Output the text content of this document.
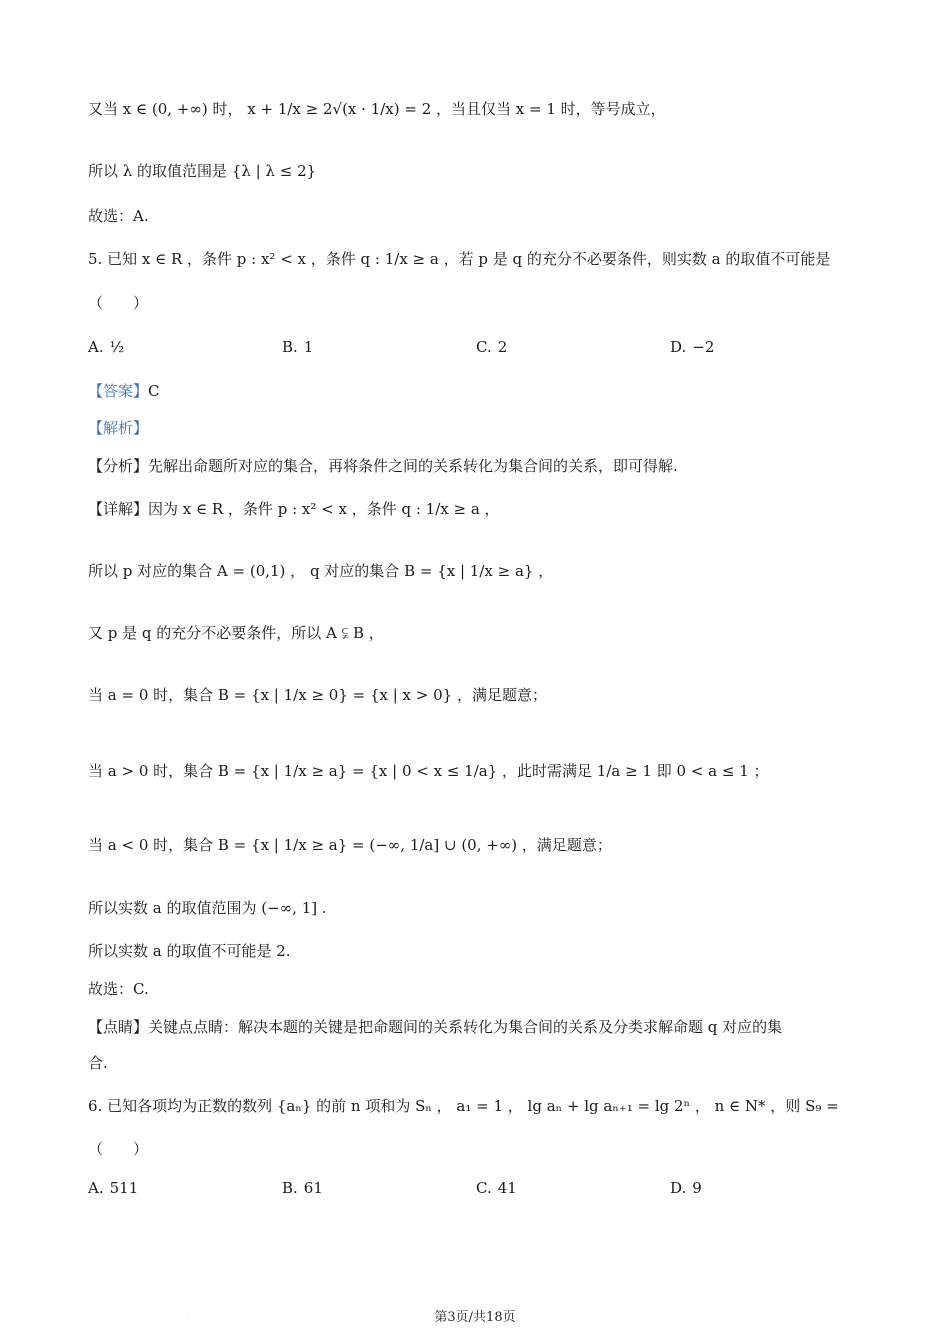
又当 x ∈ (0, +∞) 时， x + 1/x ≥ 2√(x · 1/x) = 2 ，当且仅当 x = 1 时，等号成立，
所以 λ 的取值范围是 {λ | λ ≤ 2}
故选：A.
5. 已知 x ∈ R ，条件 p : x² < x ，条件 q : 1/x ≥ a ，若 p 是 q 的充分不必要条件，则实数 a 的取值不可能是
（　　）
【答案】C
【解析】
【分析】先解出命题所对应的集合，再将条件之间的关系转化为集合间的关系，即可得解.
【详解】因为 x ∈ R ，条件 p : x² < x ，条件 q : 1/x ≥ a ，
所以 p 对应的集合 A = (0,1) ， q 对应的集合 B = {x | 1/x ≥ a} ，
又 p 是 q 的充分不必要条件，所以 A ⫋ B ，
当 a = 0 时，集合 B = {x | 1/x ≥ 0} = {x | x > 0} ，满足题意；
当 a > 0 时，集合 B = {x | 1/x ≥ a} = {x | 0 < x ≤ 1/a} ，此时需满足 1/a ≥ 1 即 0 < a ≤ 1 ；
当 a < 0 时，集合 B = {x | 1/x ≥ a} = (−∞, 1/a] ∪ (0, +∞) ，满足题意；
所以实数 a 的取值范围为 (−∞, 1] .
所以实数 a 的取值不可能是 2.
故选：C.
【点睛】关键点点睛：解决本题的关键是把命题间的关系转化为集合间的关系及分类求解命题 q 对应的集
合.
6. 已知各项均为正数的数列 {aₙ} 的前 n 项和为 Sₙ ， a₁ = 1 ， lg aₙ + lg aₙ₊₁ = lg 2ⁿ ， n ∈ N* ，则 S₉ =
（　　）
A. ½	B. 1	C. 2	D. −2
A. 511	B. 61	C. 41	D. 9
第3页/共18页
·
